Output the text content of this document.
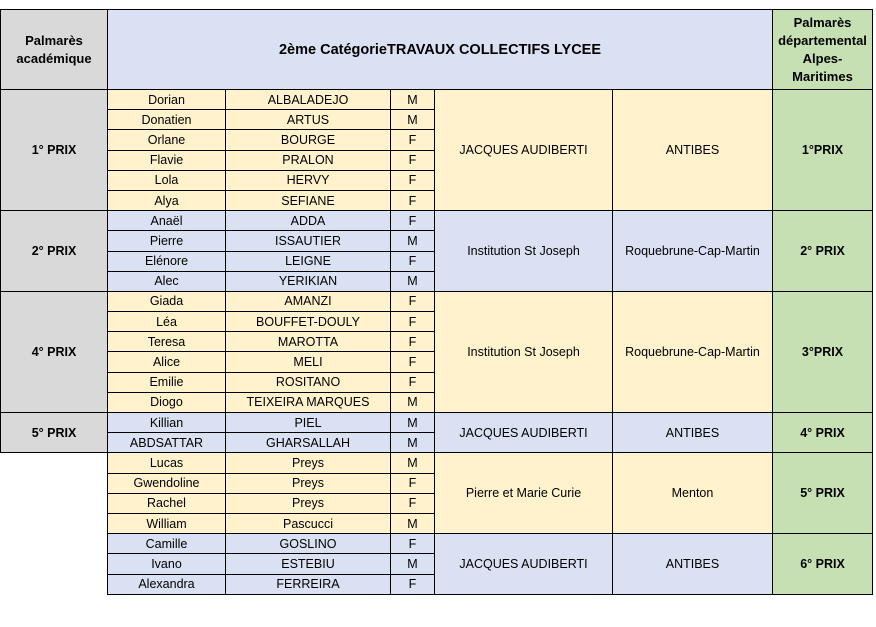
Palmarès académique	2ème CatégorieTRAVAUX COLLECTIFS LYCEE					Palmarès départemental Alpes-Maritimes
1° PRIX	Dorian	ALBALADEJO	M	JACQUES AUDIBERTI	ANTIBES	1°PRIX
	Donatien	ARTUS	M			
	Orlane	BOURGE	F			
	Flavie	PRALON	F			
	Lola	HERVY	F			
	Alya	SEFIANE	F			
2° PRIX	Anaël	ADDA	F	Institution St Joseph	Roquebrune-Cap-Martin	2° PRIX
	Pierre	ISSAUTIER	M			
	Elénore	LEIGNE	F			
	Alec	YERIKIAN	M			
4° PRIX	Giada	AMANZI	F	Institution St Joseph	Roquebrune-Cap-Martin	3°PRIX
	Léa	BOUFFET-DOULY	F			
	Teresa	MAROTTA	F			
	Alice	MELI	F			
	Emilie	ROSITANO	F			
	Diogo	TEIXEIRA MARQUES	M			
5° PRIX	Killian	PIEL	M	JACQUES AUDIBERTI	ANTIBES	4° PRIX
	ABDSATTAR	GHARSALLAH	M			
	Lucas	Preys	M	Pierre et Marie Curie	Menton	5° PRIX
	Gwendoline	Preys	F			
	Rachel	Preys	F			
	William	Pascucci	M			
	Camille	GOSLINO	F	JACQUES AUDIBERTI	ANTIBES	6° PRIX
	Ivano	ESTEBIU	M			
	Alexandra	FERREIRA	F			
